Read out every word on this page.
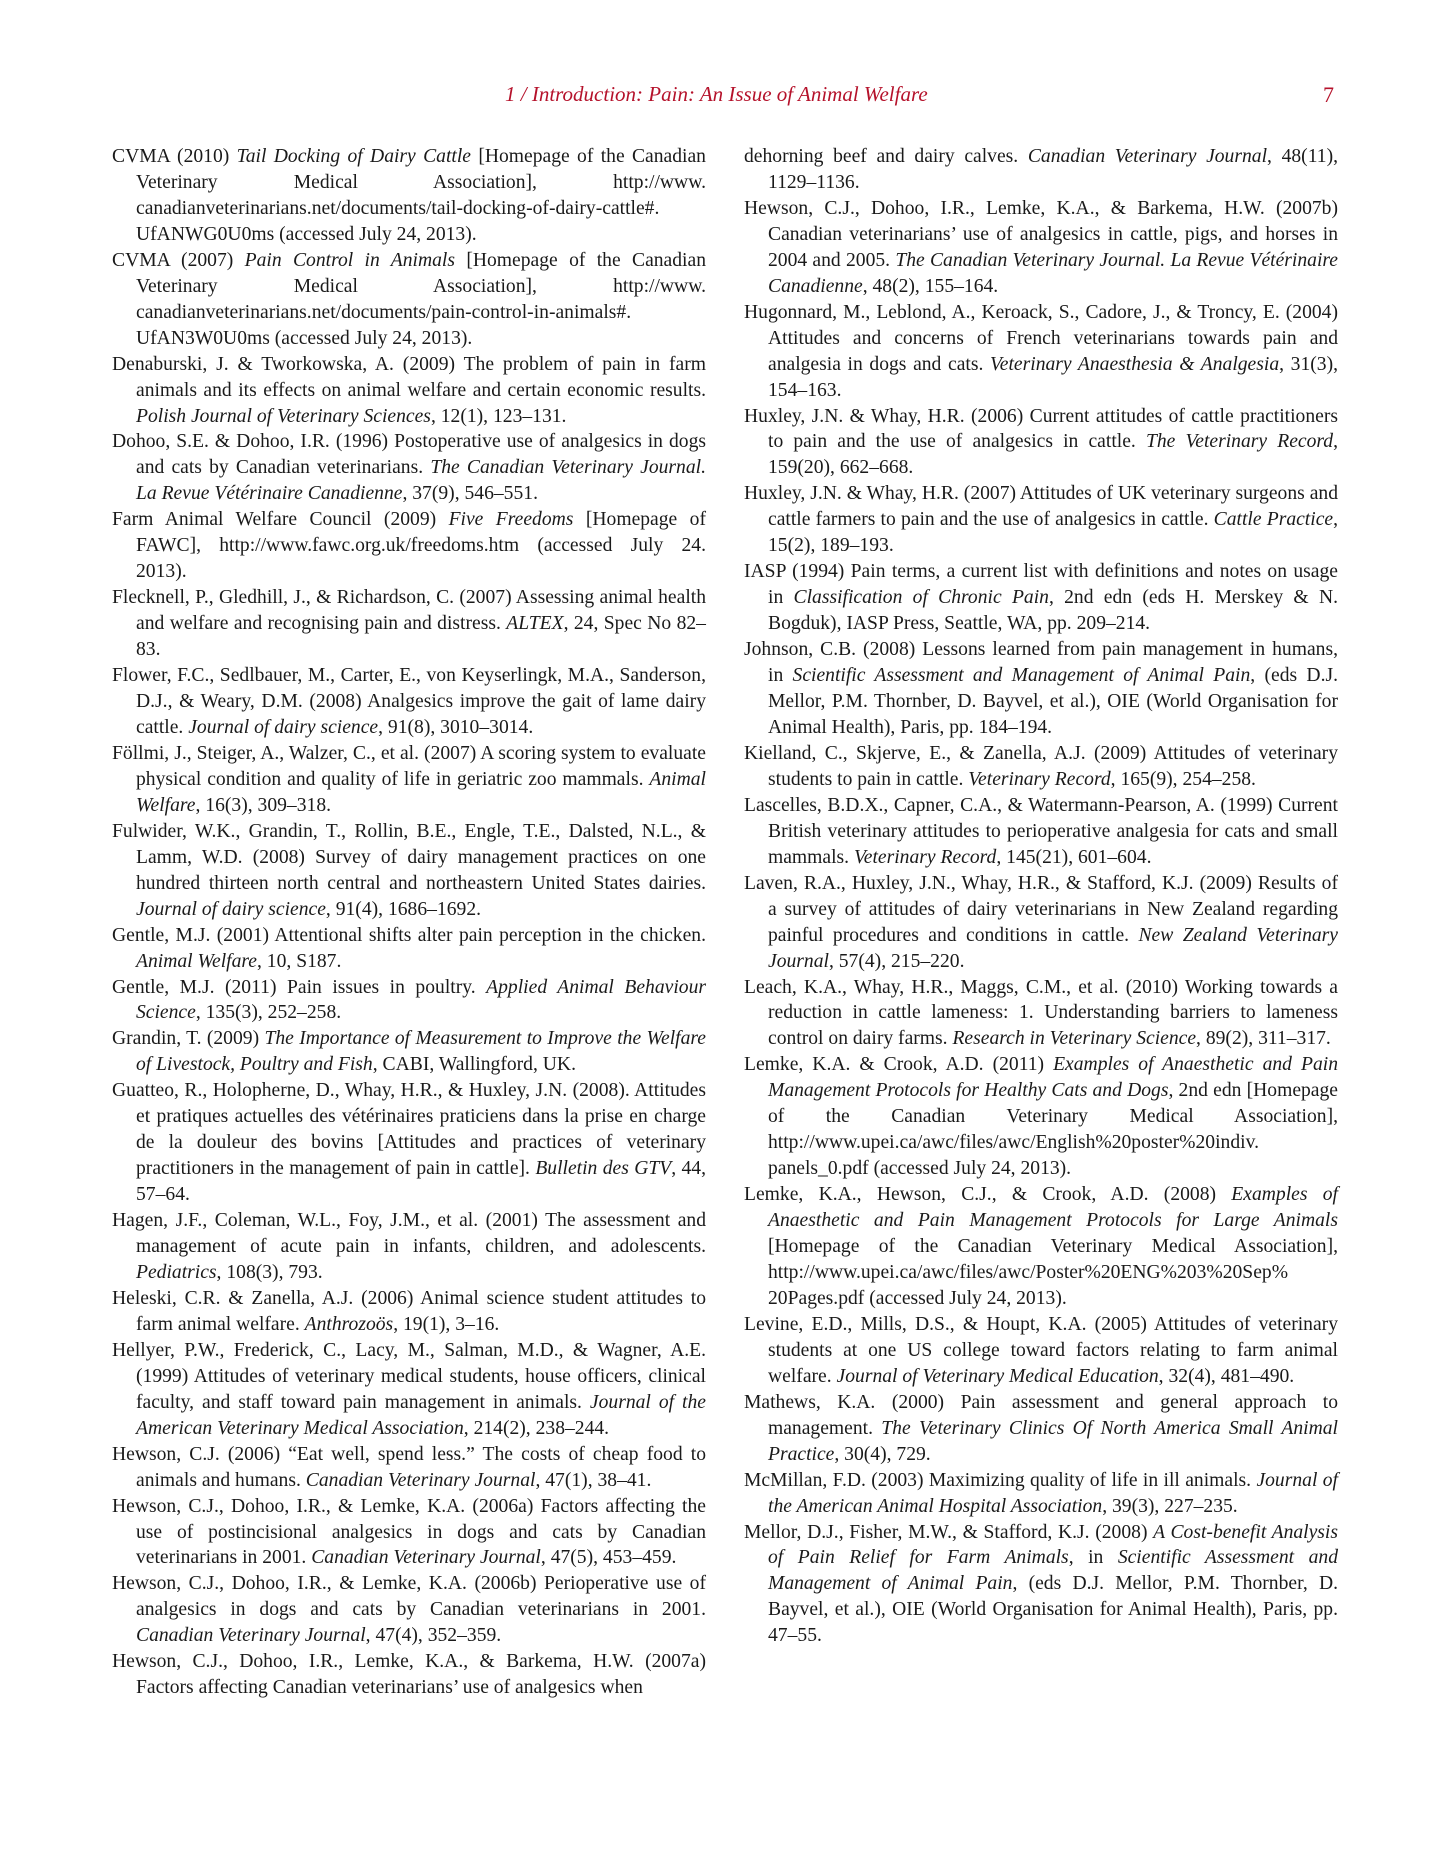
1 / Introduction: Pain: An Issue of Animal Welfare	7

CVMA (2010) Tail Docking of Dairy Cattle [Homepage of the Canadian Veterinary Medical Association], http://www. canadianveterinarians.net/documents/tail-docking-of-dairy-cattle#. UfANWG0U0ms (accessed July 24, 2013).

CVMA (2007) Pain Control in Animals [Homepage of the Canadian Veterinary Medical Association], http://www. canadianveterinarians.net/documents/pain-control-in-animals#. UfAN3W0U0ms (accessed July 24, 2013).

Denaburski, J. & Tworkowska, A. (2009) The problem of pain in farm animals and its effects on animal welfare and certain economic results. Polish Journal of Veterinary Sciences, 12(1), 123–131.

Dohoo, S.E. & Dohoo, I.R. (1996) Postoperative use of analgesics in dogs and cats by Canadian veterinarians. The Canadian Veterinary Journal. La Revue Vétérinaire Canadienne, 37(9), 546–551.

Farm Animal Welfare Council (2009) Five Freedoms [Homepage of FAWC], http://www.fawc.org.uk/freedoms.htm (accessed July 24. 2013).

Flecknell, P., Gledhill, J., & Richardson, C. (2007) Assessing animal health and welfare and recognising pain and distress. ALTEX, 24, Spec No 82–83.

Flower, F.C., Sedlbauer, M., Carter, E., von Keyserlingk, M.A., Sanderson, D.J., & Weary, D.M. (2008) Analgesics improve the gait of lame dairy cattle. Journal of dairy science, 91(8), 3010–3014.

Föllmi, J., Steiger, A., Walzer, C., et al. (2007) A scoring system to evaluate physical condition and quality of life in geriatric zoo mammals. Animal Welfare, 16(3), 309–318.

Fulwider, W.K., Grandin, T., Rollin, B.E., Engle, T.E., Dalsted, N.L., & Lamm, W.D. (2008) Survey of dairy management practices on one hundred thirteen north central and northeastern United States dairies. Journal of dairy science, 91(4), 1686–1692.

Gentle, M.J. (2001) Attentional shifts alter pain perception in the chicken. Animal Welfare, 10, S187.

Gentle, M.J. (2011) Pain issues in poultry. Applied Animal Behaviour Science, 135(3), 252–258.

Grandin, T. (2009) The Importance of Measurement to Improve the Welfare of Livestock, Poultry and Fish, CABI, Wallingford, UK.

Guatteo, R., Holopherne, D., Whay, H.R., & Huxley, J.N. (2008). Attitudes et pratiques actuelles des vétérinaires praticiens dans la prise en charge de la douleur des bovins [Attitudes and practices of veterinary practitioners in the management of pain in cattle]. Bulletin des GTV, 44, 57–64.

Hagen, J.F., Coleman, W.L., Foy, J.M., et al. (2001) The assessment and management of acute pain in infants, children, and adolescents. Pediatrics, 108(3), 793.

Heleski, C.R. & Zanella, A.J. (2006) Animal science student attitudes to farm animal welfare. Anthrozoös, 19(1), 3–16.

Hellyer, P.W., Frederick, C., Lacy, M., Salman, M.D., & Wagner, A.E. (1999) Attitudes of veterinary medical students, house officers, clinical faculty, and staff toward pain management in animals. Journal of the American Veterinary Medical Association, 214(2), 238–244.

Hewson, C.J. (2006) “Eat well, spend less.” The costs of cheap food to animals and humans. Canadian Veterinary Journal, 47(1), 38–41.

Hewson, C.J., Dohoo, I.R., & Lemke, K.A. (2006a) Factors affecting the use of postincisional analgesics in dogs and cats by Canadian veterinarians in 2001. Canadian Veterinary Journal, 47(5), 453–459.

Hewson, C.J., Dohoo, I.R., & Lemke, K.A. (2006b) Perioperative use of analgesics in dogs and cats by Canadian veterinarians in 2001. Canadian Veterinary Journal, 47(4), 352–359.

Hewson, C.J., Dohoo, I.R., Lemke, K.A., & Barkema, H.W. (2007a) Factors affecting Canadian veterinarians’ use of analgesics when

dehorning beef and dairy calves. Canadian Veterinary Journal, 48(11), 1129–1136.

Hewson, C.J., Dohoo, I.R., Lemke, K.A., & Barkema, H.W. (2007b) Canadian veterinarians’ use of analgesics in cattle, pigs, and horses in 2004 and 2005. The Canadian Veterinary Journal. La Revue Vétérinaire Canadienne, 48(2), 155–164.

Hugonnard, M., Leblond, A., Keroack, S., Cadore, J., & Troncy, E. (2004) Attitudes and concerns of French veterinarians towards pain and analgesia in dogs and cats. Veterinary Anaesthesia & Analgesia, 31(3), 154–163.

Huxley, J.N. & Whay, H.R. (2006) Current attitudes of cattle practitioners to pain and the use of analgesics in cattle. The Veterinary Record, 159(20), 662–668.

Huxley, J.N. & Whay, H.R. (2007) Attitudes of UK veterinary surgeons and cattle farmers to pain and the use of analgesics in cattle. Cattle Practice, 15(2), 189–193.

IASP (1994) Pain terms, a current list with definitions and notes on usage in Classification of Chronic Pain, 2nd edn (eds H. Merskey & N. Bogduk), IASP Press, Seattle, WA, pp. 209–214.

Johnson, C.B. (2008) Lessons learned from pain management in humans, in Scientific Assessment and Management of Animal Pain, (eds D.J. Mellor, P.M. Thornber, D. Bayvel, et al.), OIE (World Organisation for Animal Health), Paris, pp. 184–194.

Kielland, C., Skjerve, E., & Zanella, A.J. (2009) Attitudes of veterinary students to pain in cattle. Veterinary Record, 165(9), 254–258.

Lascelles, B.D.X., Capner, C.A., & Watermann-Pearson, A. (1999) Current British veterinary attitudes to perioperative analgesia for cats and small mammals. Veterinary Record, 145(21), 601–604.

Laven, R.A., Huxley, J.N., Whay, H.R., & Stafford, K.J. (2009) Results of a survey of attitudes of dairy veterinarians in New Zealand regarding painful procedures and conditions in cattle. New Zealand Veterinary Journal, 57(4), 215–220.

Leach, K.A., Whay, H.R., Maggs, C.M., et al. (2010) Working towards a reduction in cattle lameness: 1. Understanding barriers to lameness control on dairy farms. Research in Veterinary Science, 89(2), 311–317.

Lemke, K.A. & Crook, A.D. (2011) Examples of Anaesthetic and Pain Management Protocols for Healthy Cats and Dogs, 2nd edn [Homepage of the Canadian Veterinary Medical Association], http://www.upei.ca/awc/files/awc/English%20poster%20indiv. panels_0.pdf (accessed July 24, 2013).

Lemke, K.A., Hewson, C.J., & Crook, A.D. (2008) Examples of Anaesthetic and Pain Management Protocols for Large Animals [Homepage of the Canadian Veterinary Medical Association], http://www.upei.ca/awc/files/awc/Poster%20ENG%203%20Sep% 20Pages.pdf (accessed July 24, 2013).

Levine, E.D., Mills, D.S., & Houpt, K.A. (2005) Attitudes of veterinary students at one US college toward factors relating to farm animal welfare. Journal of Veterinary Medical Education, 32(4), 481–490.

Mathews, K.A. (2000) Pain assessment and general approach to management. The Veterinary Clinics Of North America Small Animal Practice, 30(4), 729.

McMillan, F.D. (2003) Maximizing quality of life in ill animals. Journal of the American Animal Hospital Association, 39(3), 227–235.

Mellor, D.J., Fisher, M.W., & Stafford, K.J. (2008) A Cost-benefit Analysis of Pain Relief for Farm Animals, in Scientific Assessment and Management of Animal Pain, (eds D.J. Mellor, P.M. Thornber, D. Bayvel, et al.), OIE (World Organisation for Animal Health), Paris, pp. 47–55.
